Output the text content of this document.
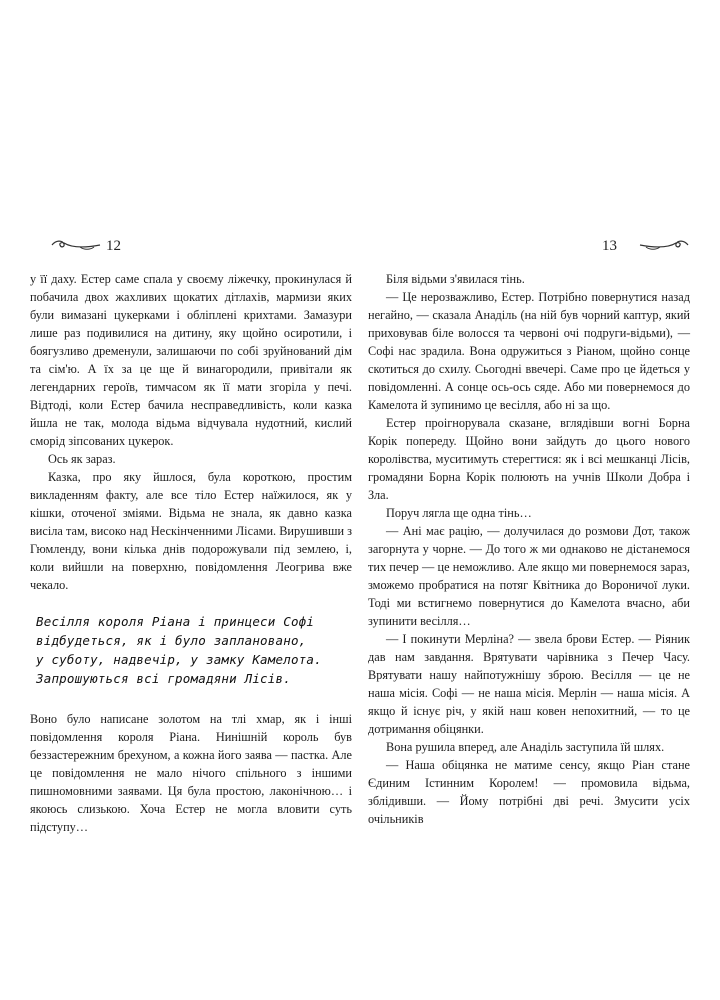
12

у її даху. Естер саме спала у своєму ліжечку, прокинулася й побачила двох жахливих щокатих дітлахів, мармизи яких були вимазані цукерками і обліплені крихтами. Замазури лише раз подивилися на дитину, яку щойно осиротили, і боягузливо дременули, залишаючи по собі зруйнований дім та сім'ю. А їх за це ще й винагородили, привітали як легендарних героїв, тимчасом як її мати згоріла у печі. Відтоді, коли Естер бачила несправедливість, коли казка йшла не так, молода відьма відчувала нудотний, кислий сморід зіпсованих цукерок.

Ось як зараз.

Казка, про яку йшлося, була короткою, простим викладенням факту, але все тіло Естер наїжилося, як у кішки, оточеної зміями. Відьма не знала, як давно казка висіла там, високо над Нескінченними Лісами. Вирушивши з Гюмленду, вони кілька днів подорожували під землею, і, коли вийшли на поверхню, повідомлення Леогрива вже чекало.

Весілля короля Ріана і принцеси Софі

відбудеться, як і було заплановано,

у суботу, надвечір, у замку Камелота.

Запрошуються всі громадяни Лісів.

Воно було написане золотом на тлі хмар, як і інші повідомлення короля Ріана. Нинішній король був беззастережним брехуном, а кожна його заява — пастка. Але це повідомлення не мало нічого спільного з іншими пишномовними заявами. Ця була простою, лаконічною… і якоюсь слизькою. Хоча Естер не могла вловити суть підступу…

13

Біля відьми з'явилася тінь.

— Це нерозважливо, Естер. Потрібно повернутися назад негайно, — сказала Анаділь (на ній був чорний каптур, який приховував біле волосся та червоні очі подруги-відьми), — Софі нас зрадила. Вона одружиться з Ріаном, щойно сонце скотиться до схилу. Сьогодні ввечері. Саме про це йдеться у повідомленні. А сонце ось-ось сяде. Або ми повернемося до Камелота й зупинимо це весілля, або ні за що.

Естер проігнорувала сказане, вглядівши вогні Борна Корік попереду. Щойно вони зайдуть до цього нового королівства, муситимуть стерегтися: як і всі мешканці Лісів, громадяни Борна Корік полюють на учнів Школи Добра і Зла.

Поруч лягла ще одна тінь…

— Ані має рацію, — долучилася до розмови Дот, також загорнута у чорне. — До того ж ми однаково не дістанемося тих печер — це неможливо. Але якщо ми повернемося зараз, зможемо пробратися на потяг Квітника до Вороничої луки. Тоді ми встигнемо повернутися до Камелота вчасно, аби зупинити весілля…

— І покинути Мерліна? — звела брови Естер. — Ріяник дав нам завдання. Врятувати чарівника з Печер Часу. Врятувати нашу найпотужнішу зброю. Весілля — це не наша місія. Софі — не наша місія. Мерлін — наша місія. А якщо й існує річ, у якій наш ковен непохитний, — то це дотримання обіцянки.

Вона рушила вперед, але Анаділь заступила їй шлях.

— Наша обіцянка не матиме сенсу, якщо Ріан стане Єдиним Істинним Королем! — промовила відьма, зблідивши. — Йому потрібні дві речі. Змусити усіх очільників
